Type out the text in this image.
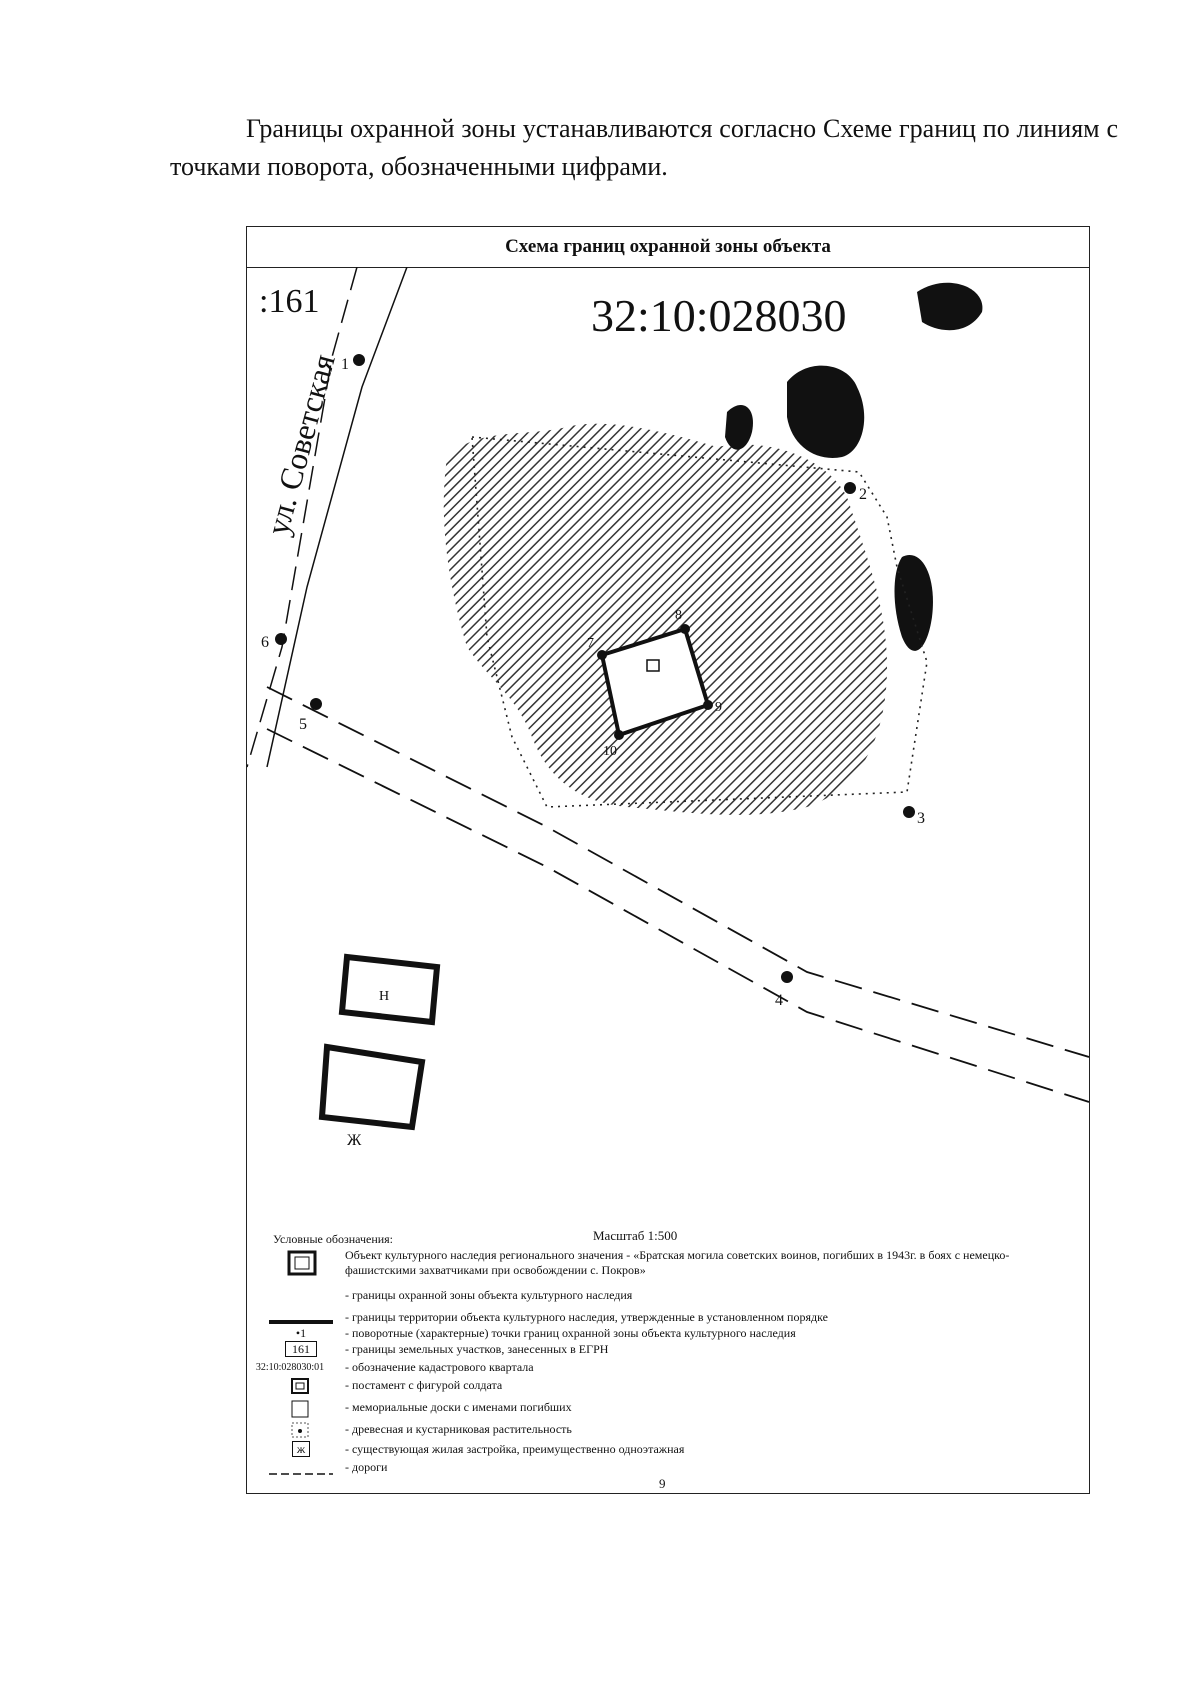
Границы охранной зоны устанавливаются согласно Схеме границ по линиям с точками поворота, обозначенными цифрами.
Схема границ охранной зоны объекта
:161	32:10:028030
ул. Советская 1
2
3
4
5
6	7
8
9
10
Н
Ж
Условные обозначения:	Масштаб 1:500
Объект культурного наследия регионального значения - «Братская могила советских воинов, погибших в 1943г. в боях с немецко-фашистскими захватчиками при освобождении с. Покров»
- границы охранной зоны объекта культурного наследия
- границы территории объекта культурного наследия, утвержденные в установленном порядке
•1	- поворотные (характерные) точки границ охранной зоны объекта культурного наследия
161	- границы земельных участков, занесенных в ЕГРН
32:10:028030:01	- обозначение кадастрового квартала
- постамент с фигурой солдата
- мемориальные доски с именами погибших
- древесная и кустарниковая растительность
ж	- существующая жилая застройка, преимущественно одноэтажная
- дороги
9
